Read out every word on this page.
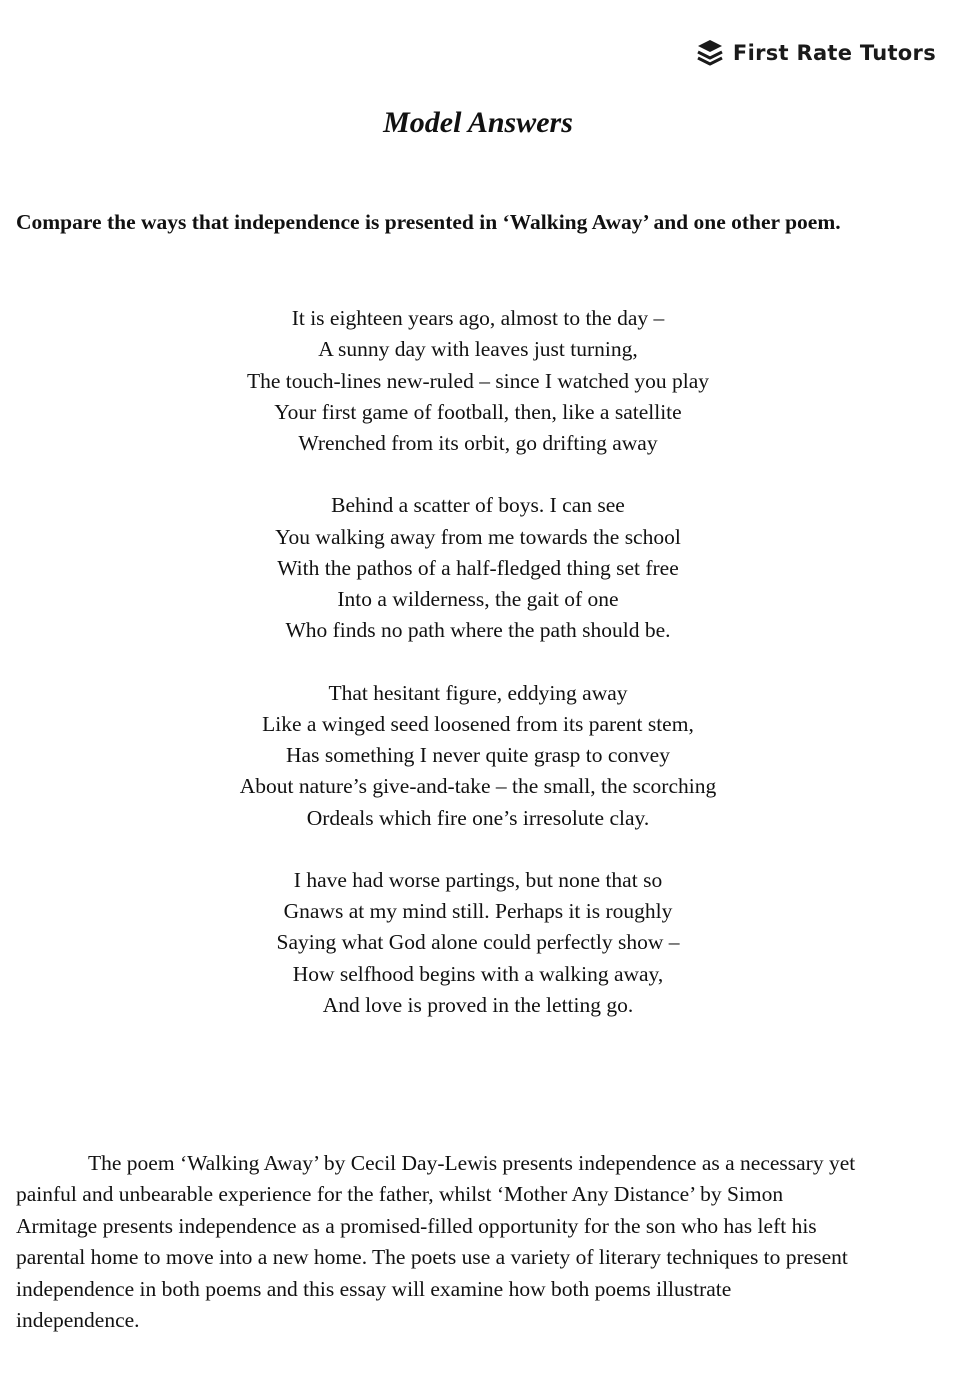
First Rate Tutors
Model Answers

Compare the ways that independence is presented in ‘Walking Away’ and one other poem.

It is eighteen years ago, almost to the day –
A sunny day with leaves just turning,
The touch-lines new-ruled – since I watched you play
Your first game of football, then, like a satellite
Wrenched from its orbit, go drifting away
Behind a scatter of boys. I can see
You walking away from me towards the school
With the pathos of a half-fledged thing set free
Into a wilderness, the gait of one
Who finds no path where the path should be.
That hesitant figure, eddying away
Like a winged seed loosened from its parent stem,
Has something I never quite grasp to convey
About nature’s give-and-take – the small, the scorching
Ordeals which fire one’s irresolute clay.
I have had worse partings, but none that so
Gnaws at my mind still. Perhaps it is roughly
Saying what God alone could perfectly show –
How selfhood begins with a walking away,
And love is proved in the letting go.

The poem ‘Walking Away’ by Cecil Day-Lewis presents independence as a necessary yet
painful and unbearable experience for the father, whilst ‘Mother Any Distance’ by Simon
Armitage presents independence as a promised-filled opportunity for the son who has left his
parental home to move into a new home. The poets use a variety of literary techniques to present
independence in both poems and this essay will examine how both poems illustrate
independence.
